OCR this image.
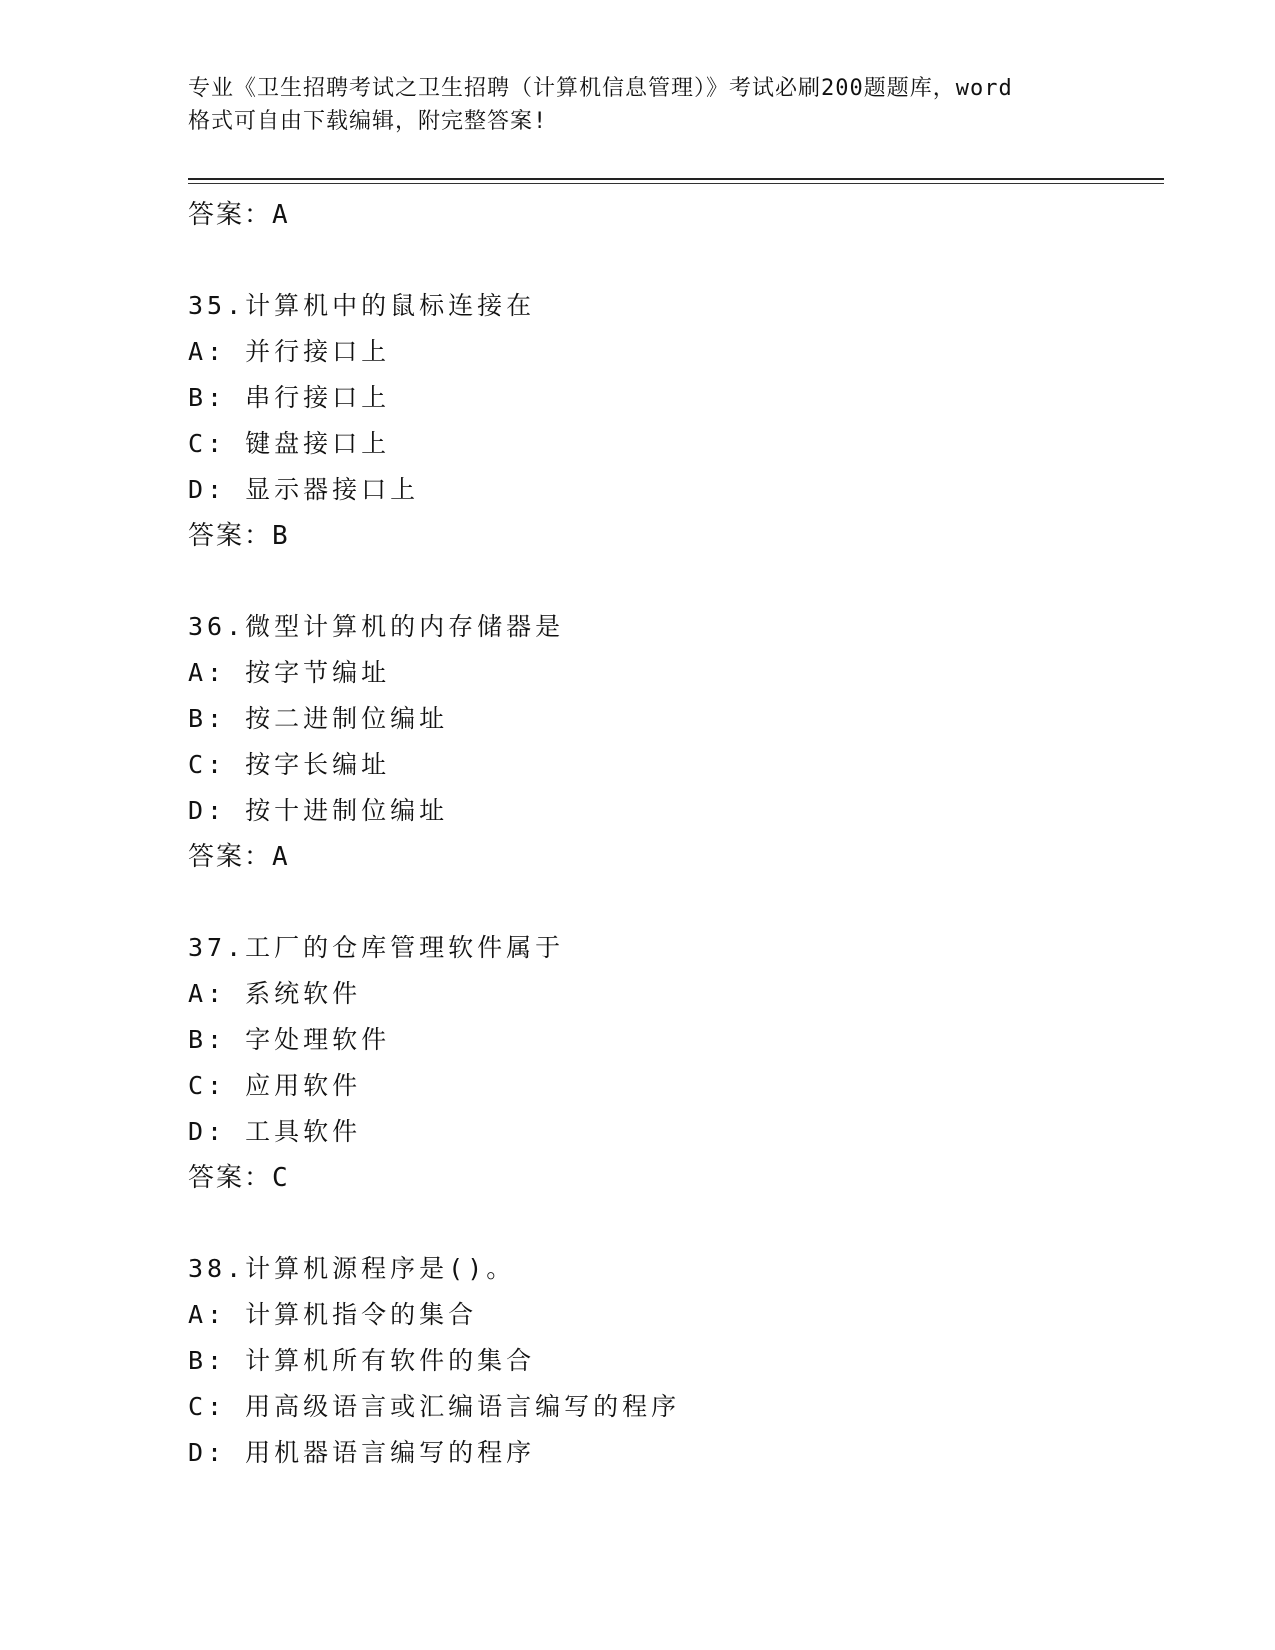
专业《卫生招聘考试之卫生招聘（计算机信息管理）》考试必刷200题题库，word
格式可自由下载编辑，附完整答案!
答案：A
35.计算机中的鼠标连接在
A: 并行接口上
B: 串行接口上
C: 键盘接口上
D: 显示器接口上
答案：B
36.微型计算机的内存储器是
A: 按字节编址
B: 按二进制位编址
C: 按字长编址
D: 按十进制位编址
答案：A
37.工厂的仓库管理软件属于
A: 系统软件
B: 字处理软件
C: 应用软件
D: 工具软件
答案：C
38.计算机源程序是()。
A: 计算机指令的集合
B: 计算机所有软件的集合
C: 用高级语言或汇编语言编写的程序
D: 用机器语言编写的程序
